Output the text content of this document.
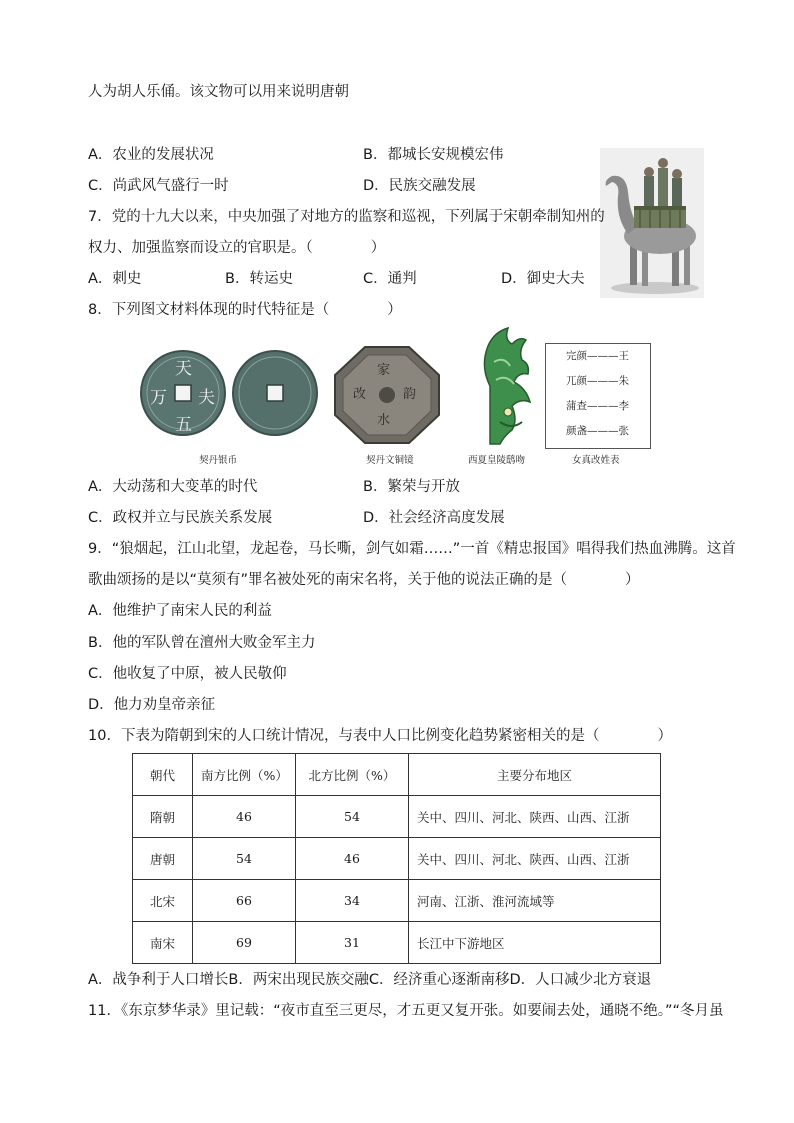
人为胡人乐俑。该文物可以用来说明唐朝
A．农业的发展状况	B．都城长安规模宏伟
C．尚武风气盛行一时	D．民族交融发展
7．党的十九大以来，中央加强了对地方的监察和巡视，下列属于宋朝牵制知州的
权力、加强监察而设立的官职是。（　　　　）
A．刺史	B．转运史	C．通判	D．御史大夫
8．下列图文材料体现的时代特征是（　　　　）
天
五
万 夫
契丹银币
家
韵
水
改
契丹文铜镜	西夏皇陵鸱吻
完颜———王
兀颜———朱
蒲查———李
颜盏———张
女真改姓表
A．大动荡和大变革的时代	B．繁荣与开放
C．政权并立与民族关系发展	D．社会经济高度发展
9．“狼烟起，江山北望，龙起卷，马长嘶，剑气如霜……”一首《精忠报国》唱得我们热血沸腾。这首
歌曲颂扬的是以“莫须有”罪名被处死的南宋名将，关于他的说法正确的是（　　　　）
A．他维护了南宋人民的利益
B．他的军队曾在澶州大败金军主力
C．他收复了中原，被人民敬仰
D．他力劝皇帝亲征
10．下表为隋朝到宋的人口统计情况，与表中人口比例变化趋势紧密相关的是（　　　　）
朝代	南方比例（%）	北方比例（%）	主要分布地区
隋朝	46	54	关中、四川、河北、陕西、山西、江浙
唐朝	54	46	关中、四川、河北、陕西、山西、江浙
北宋	66	34	河南、江浙、淮河流域等
南宋	69	31	长江中下游地区
A．战争利于人口增长B．两宋出现民族交融C．经济重心逐渐南移D．人口减少北方衰退
11．《东京梦华录》里记载：“夜市直至三更尽，才五更又复开张。如要闹去处，通晓不绝。”“冬月虽
